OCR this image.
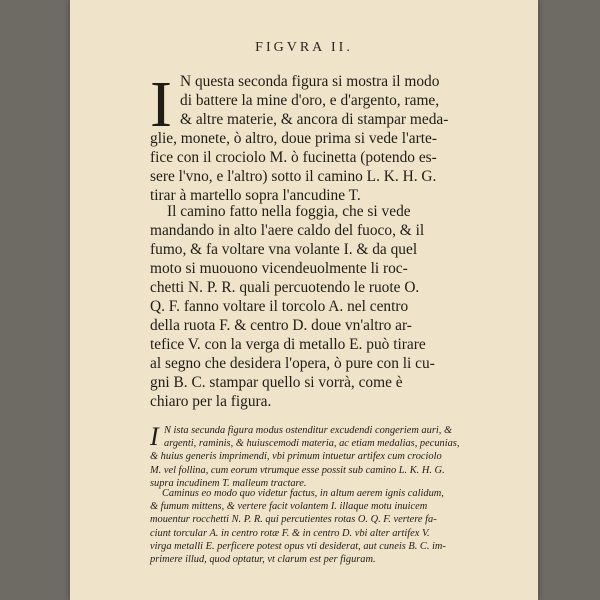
FIGVRA II.
I N questa seconda figura si mostra il modo
di battere la mine d'oro, e d'argento, rame,
& altre materie, & ancora di stampar meda-
glie, monete, ò altro, doue prima si vede l'arte-
fice con il crociolo M. ò fucinetta (potendo es-
sere l'vno, e l'altro) sotto il camino L. K. H. G.
tirar à martello sopra l'ancudine T.
Il camino fatto nella foggia, che si vede
mandando in alto l'aere caldo del fuoco, & il
fumo, & fa voltare vna volante I. & da quel
moto si muouono vicendeuolmente li roc-
chetti N. P. R. quali percuotendo le ruote O.
Q. F. fanno voltare il torcolo A. nel centro
della ruota F. & centro D. doue vn'altro ar-
tefice V. con la verga di metallo E. può tirare
al segno che desidera l'opera, ò pure con li cu-
gni B. C. stampar quello si vorrà, come è
chiaro per la figura.
I N ista secunda figura modus ostenditur excudendi congeriem auri, &
argenti, raminis, & huiuscemodi materia, ac etiam medalias, pecunias,
& huius generis imprimendi, vbi primum intuetur artifex cum crociolo
M. vel follina, cum eorum vtrumque esse possit sub camino L. K. H. G.
supra incudinem T. malleum tractare.
Caminus eo modo quo videtur factus, in altum aerem ignis calidum,
& fumum mittens, & vertere facit volantem I. illaque motu inuicem
mouentur rocchetti N. P. R. qui percutientes rotas O. Q. F. vertere fa-
ciunt torcular A. in centro rotæ F. & in centro D. vbi alter artifex V.
virga metalli E. perficere potest opus vti desiderat, aut cuneis B. C. im-
primere illud, quod optatur, vt clarum est per figuram.
